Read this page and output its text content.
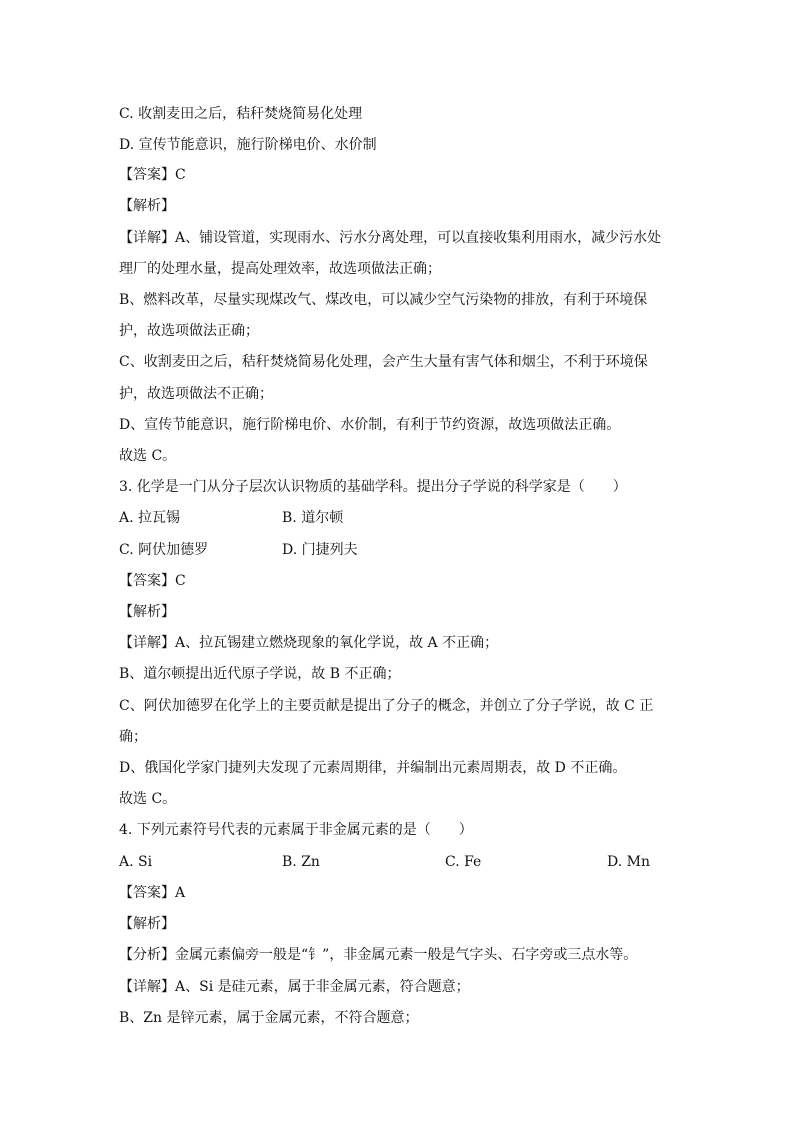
C. 收割麦田之后，秸秆焚烧简易化处理
D. 宣传节能意识，施行阶梯电价、水价制
【答案】C
【解析】
【详解】A、铺设管道，实现雨水、污水分离处理，可以直接收集利用雨水，减少污水处
理厂的处理水量，提高处理效率，故选项做法正确；
B、燃料改革，尽量实现煤改气、煤改电，可以减少空气污染物的排放，有利于环境保
护，故选项做法正确；
C、收割麦田之后，秸秆焚烧简易化处理，会产生大量有害气体和烟尘，不利于环境保
护，故选项做法不正确；
D、宣传节能意识，施行阶梯电价、水价制，有利于节约资源，故选项做法正确。
故选 C。
3. 化学是一门从分子层次认识物质的基础学科。提出分子学说的科学家是（　　）
A. 拉瓦锡	B. 道尔顿
C. 阿伏加德罗	D. 门捷列夫
【答案】C
【解析】
【详解】A、拉瓦锡建立燃烧现象的氧化学说，故 A 不正确；
B、道尔顿提出近代原子学说，故 B 不正确；
C、阿伏加德罗在化学上的主要贡献是提出了分子的概念，并创立了分子学说，故 C 正
确；
D、俄国化学家门捷列夫发现了元素周期律，并编制出元素周期表，故 D 不正确。
故选 C。
4. 下列元素符号代表的元素属于非金属元素的是（　　）
A. Si	B. Zn	C. Fe	D. Mn
【答案】A
【解析】
【分析】金属元素偏旁一般是“钅”，非金属元素一般是气字头、石字旁或三点水等。
【详解】A、Si 是硅元素，属于非金属元素，符合题意；
B、Zn 是锌元素，属于金属元素，不符合题意；
